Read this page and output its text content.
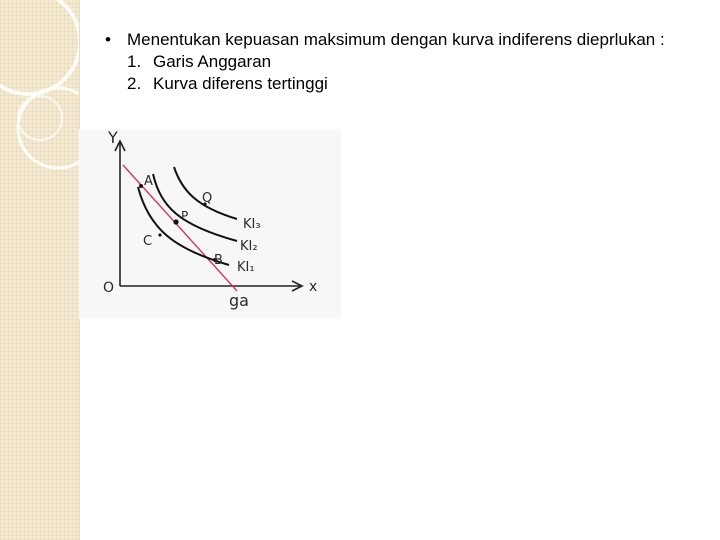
• Menentukan kepuasan maksimum dengan kurva indiferens dieprlukan :
1. Garis Anggaran
2. Kurva diferens tertinggi
Y
x
O
ga
A
P
Q
C
B
KI₃
KI₂
KI₁
